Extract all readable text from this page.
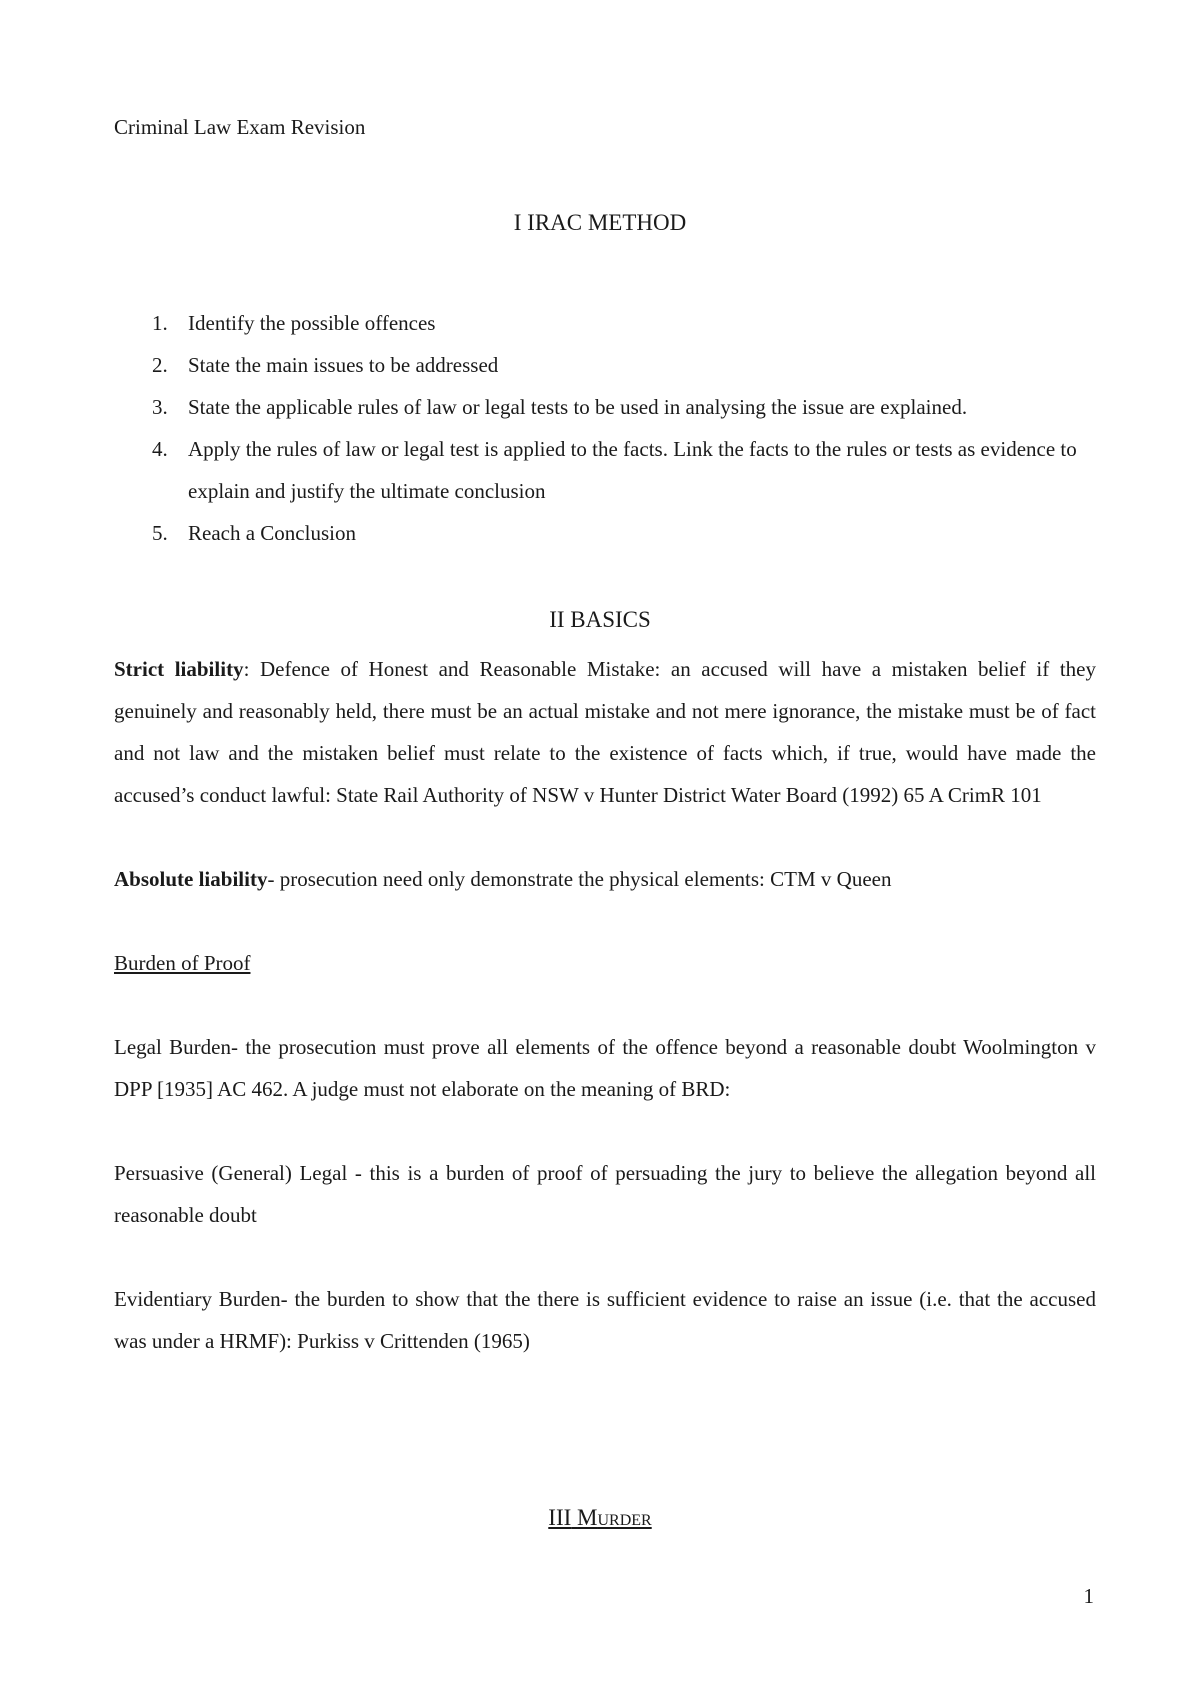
Criminal Law Exam Revision
I IRAC METHOD
1. Identify the possible offences
2. State the main issues to be addressed
3. State the applicable rules of law or legal tests to be used in analysing the issue are explained.
4. Apply the rules of law or legal test is applied to the facts. Link the facts to the rules or tests as evidence to explain and justify the ultimate conclusion
5. Reach a Conclusion
II BASICS

Strict liability: Defence of Honest and Reasonable Mistake: an accused will have a mistaken belief if they genuinely and reasonably held, there must be an actual mistake and not mere ignorance, the mistake must be of fact and not law and the mistaken belief must relate to the existence of facts which, if true, would have made the accused’s conduct lawful: State Rail Authority of NSW v Hunter District Water Board (1992) 65 A CrimR 101

Absolute liability- prosecution need only demonstrate the physical elements: CTM v Queen

Burden of Proof

Legal Burden- the prosecution must prove all elements of the offence beyond a reasonable doubt Woolmington v DPP [1935] AC 462. A judge must not elaborate on the meaning of BRD:

Persuasive (General) Legal - this is a burden of proof of persuading the jury to believe the allegation beyond all reasonable doubt

Evidentiary Burden- the burden to show that the there is sufficient evidence to raise an issue (i.e. that the accused was under a HRMF): Purkiss v Crittenden (1965)

III Murder
1
